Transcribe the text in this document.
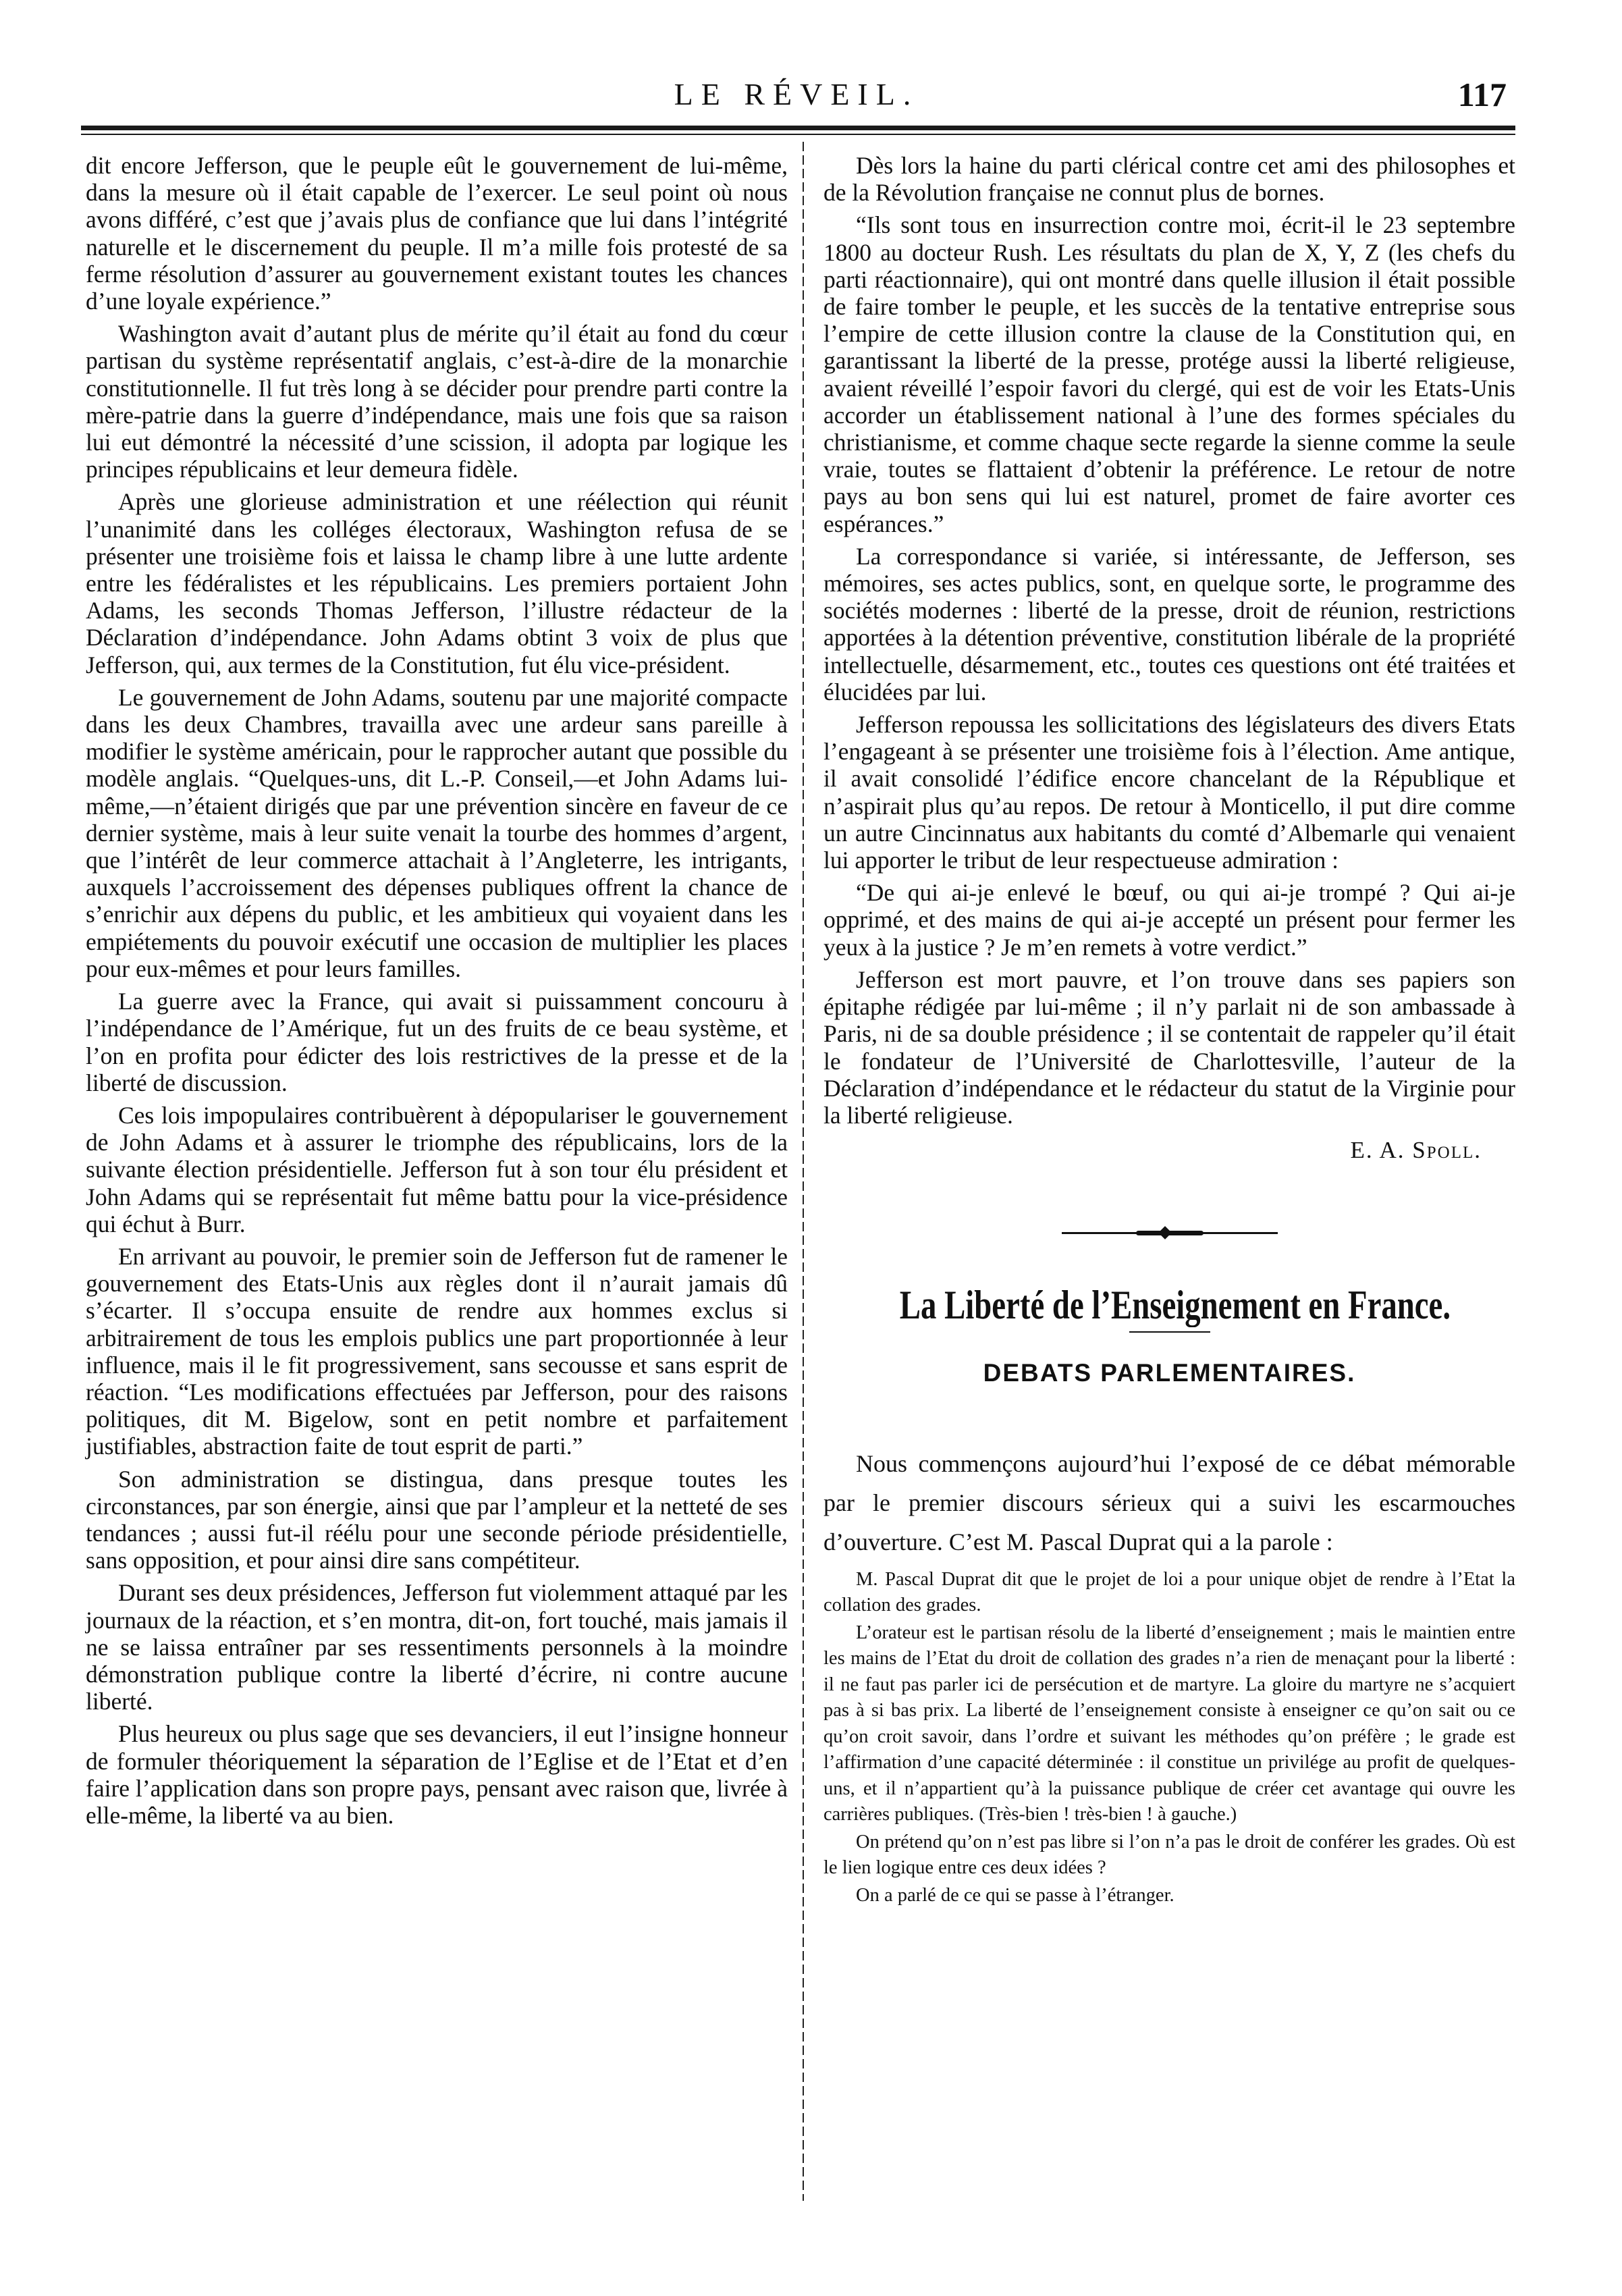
LE RÉVEIL.	117

dit encore Jefferson, que le peuple eût le gouvernement de lui-même, dans la mesure où il était capable de l’exercer. Le seul point où nous avons différé, c’est que j’avais plus de confiance que lui dans l’intégrité naturelle et le discernement du peuple. Il m’a mille fois protesté de sa ferme résolution d’assurer au gouvernement existant toutes les chances d’une loyale expérience.”

Washington avait d’autant plus de mérite qu’il était au fond du cœur partisan du système représentatif anglais, c’est-à-dire de la monarchie constitutionnelle. Il fut très long à se décider pour prendre parti contre la mère-patrie dans la guerre d’indépendance, mais une fois que sa raison lui eut démontré la nécessité d’une scission, il adopta par logique les principes républicains et leur demeura fidèle.

Après une glorieuse administration et une réélection qui réunit l’unanimité dans les colléges électoraux, Washington refusa de se présenter une troisième fois et laissa le champ libre à une lutte ardente entre les fédéralistes et les républicains. Les premiers portaient John Adams, les seconds Thomas Jefferson, l’illustre rédacteur de la Déclaration d’indépendance. John Adams obtint 3 voix de plus que Jefferson, qui, aux termes de la Constitution, fut élu vice-président.

Le gouvernement de John Adams, soutenu par une majorité compacte dans les deux Chambres, travailla avec une ardeur sans pareille à modifier le système américain, pour le rapprocher autant que possible du modèle anglais. “Quelques-uns, dit L.-P. Conseil,—et John Adams lui-même,—n’étaient dirigés que par une prévention sincère en faveur de ce dernier système, mais à leur suite venait la tourbe des hommes d’argent, que l’intérêt de leur commerce attachait à l’Angleterre, les intrigants, auxquels l’accroissement des dépenses publiques offrent la chance de s’enrichir aux dépens du public, et les ambitieux qui voyaient dans les empiétements du pouvoir exécutif une occasion de multiplier les places pour eux-mêmes et pour leurs familles.

La guerre avec la France, qui avait si puissamment concouru à l’indépendance de l’Amérique, fut un des fruits de ce beau système, et l’on en profita pour édicter des lois restrictives de la presse et de la liberté de discussion.

Ces lois impopulaires contribuèrent à dépopulariser le gouvernement de John Adams et à assurer le triomphe des républicains, lors de la suivante élection présidentielle. Jefferson fut à son tour élu président et John Adams qui se représentait fut même battu pour la vice-présidence qui échut à Burr.

En arrivant au pouvoir, le premier soin de Jefferson fut de ramener le gouvernement des Etats-Unis aux règles dont il n’aurait jamais dû s’écarter. Il s’occupa ensuite de rendre aux hommes exclus si arbitrairement de tous les emplois publics une part proportionnée à leur influence, mais il le fit progressivement, sans secousse et sans esprit de réaction. “Les modifications effectuées par Jefferson, pour des raisons politiques, dit M. Bigelow, sont en petit nombre et parfaitement justifiables, abstraction faite de tout esprit de parti.”

Son administration se distingua, dans presque toutes les circonstances, par son énergie, ainsi que par l’ampleur et la netteté de ses tendances ; aussi fut-il réélu pour une seconde période présidentielle, sans opposition, et pour ainsi dire sans compétiteur.

Durant ses deux présidences, Jefferson fut violemment attaqué par les journaux de la réaction, et s’en montra, dit-on, fort touché, mais jamais il ne se laissa entraîner par ses ressentiments personnels à la moindre démonstration publique contre la liberté d’écrire, ni contre aucune liberté.

Plus heureux ou plus sage que ses devanciers, il eut l’insigne honneur de formuler théoriquement la séparation de l’Eglise et de l’Etat et d’en faire l’application dans son propre pays, pensant avec raison que, livrée à elle-même, la liberté va au bien.

Dès lors la haine du parti clérical contre cet ami des philosophes et de la Révolution française ne connut plus de bornes.

“Ils sont tous en insurrection contre moi, écrit-il le 23 septembre 1800 au docteur Rush. Les résultats du plan de X, Y, Z (les chefs du parti réactionnaire), qui ont montré dans quelle illusion il était possible de faire tomber le peuple, et les succès de la tentative entreprise sous l’empire de cette illusion contre la clause de la Constitution qui, en garantissant la liberté de la presse, protége aussi la liberté religieuse, avaient réveillé l’espoir favori du clergé, qui est de voir les Etats-Unis accorder un établissement national à l’une des formes spéciales du christianisme, et comme chaque secte regarde la sienne comme la seule vraie, toutes se flattaient d’obtenir la préférence. Le retour de notre pays au bon sens qui lui est naturel, promet de faire avorter ces espérances.”

La correspondance si variée, si intéressante, de Jefferson, ses mémoires, ses actes publics, sont, en quelque sorte, le programme des sociétés modernes : liberté de la presse, droit de réunion, restrictions apportées à la détention préventive, constitution libérale de la propriété intellectuelle, désarmement, etc., toutes ces questions ont été traitées et élucidées par lui.

Jefferson repoussa les sollicitations des législateurs des divers Etats l’engageant à se présenter une troisième fois à l’élection. Ame antique, il avait consolidé l’édifice encore chancelant de la République et n’aspirait plus qu’au repos. De retour à Monticello, il put dire comme un autre Cincinnatus aux habitants du comté d’Albemarle qui venaient lui apporter le tribut de leur respectueuse admiration :

“De qui ai-je enlevé le bœuf, ou qui ai-je trompé ? Qui ai-je opprimé, et des mains de qui ai-je accepté un présent pour fermer les yeux à la justice ? Je m’en remets à votre verdict.”

Jefferson est mort pauvre, et l’on trouve dans ses papiers son épitaphe rédigée par lui-même ; il n’y parlait ni de son ambassade à Paris, ni de sa double présidence ; il se contentait de rappeler qu’il était le fondateur de l’Université de Charlottesville, l’auteur de la Déclaration d’indépendance et le rédacteur du statut de la Virginie pour la liberté religieuse.

E. A. Spoll.
La Liberté de l’Enseignement en France.
DEBATS PARLEMENTAIRES.

Nous commençons aujourd’hui l’exposé de ce débat mémorable par le premier discours sérieux qui a suivi les escarmouches d’ouverture. C’est M. Pascal Duprat qui a la parole :

M. Pascal Duprat dit que le projet de loi a pour unique objet de rendre à l’Etat la collation des grades.

L’orateur est le partisan résolu de la liberté d’enseignement ; mais le maintien entre les mains de l’Etat du droit de collation des grades n’a rien de menaçant pour la liberté : il ne faut pas parler ici de persécution et de martyre. La gloire du martyre ne s’acquiert pas à si bas prix. La liberté de l’enseignement consiste à enseigner ce qu’on sait ou ce qu’on croit savoir, dans l’ordre et suivant les méthodes qu’on préfère ; le grade est l’affirmation d’une capacité déterminée : il constitue un privilége au profit de quelques-uns, et il n’appartient qu’à la puissance publique de créer cet avantage qui ouvre les carrières publiques. (Très-bien ! très-bien ! à gauche.)

On prétend qu’on n’est pas libre si l’on n’a pas le droit de conférer les grades. Où est le lien logique entre ces deux idées ?

On a parlé de ce qui se passe à l’étranger.
